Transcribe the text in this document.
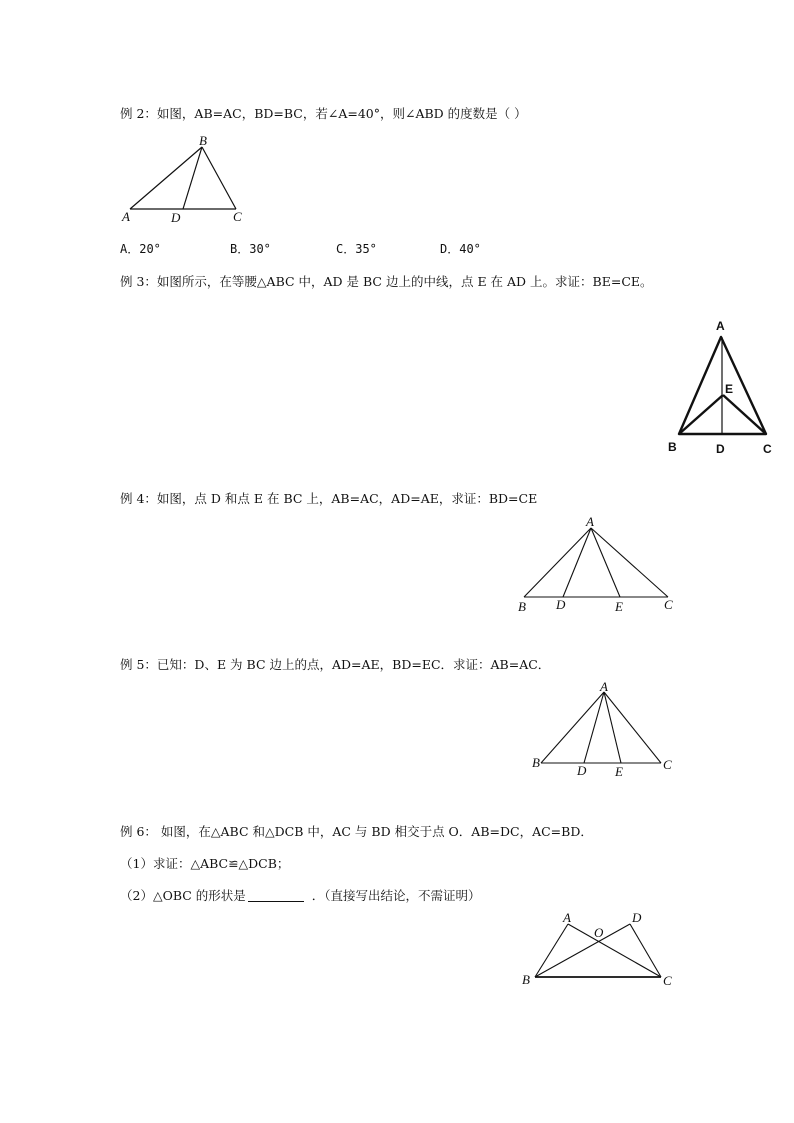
例 2：如图，AB=AC，BD=BC，若∠A=40°，则∠ABD 的度数是（ ）
B
A	D	C
A．20°	B．30°	C．35°	D．40°
例 3：如图所示，在等腰△ABC 中，AD 是 BC 边上的中线，点 E 在 AD 上。求证：BE=CE。
A
E
B	D	C
例 4：如图，点 D 和点 E 在 BC 上，AB=AC，AD=AE，求证：BD=CE
A
B D	E	C
例 5：已知：D、E 为 BC 边上的点，AD=AE，BD=EC．求证：AB=AC．
A
B
D E	C
例 6： 如图，在△ABC 和△DCB 中，AC 与 BD 相交于点 O．AB=DC，AC=BD．
（1）求证：△ABC≌△DCB；
（2）△OBC 的形状是	．（直接写出结论，不需证明）
A
O
D
B	C
